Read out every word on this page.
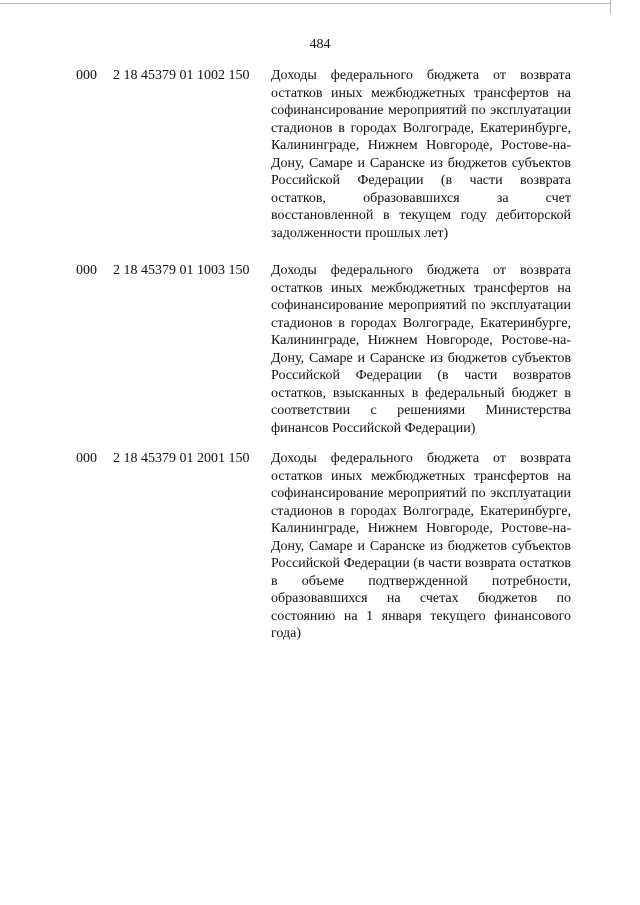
484
000 2 18 45379 01 1002 150 Доходы федерального бюджета от возврата остатков иных межбюджетных трансфертов на софинансирование мероприятий по эксплуатации стадионов в городах Волгограде, Екатеринбурге, Калининграде, Нижнем Новгороде, Ростове-на-Дону, Самаре и Саранске из бюджетов субъектов Российской Федерации (в части возврата остатков, образовавшихся за счет восстановленной в текущем году дебиторской задолженности прошлых лет)
000 2 18 45379 01 1003 150 Доходы федерального бюджета от возврата остатков иных межбюджетных трансфертов на софинансирование мероприятий по эксплуатации стадионов в городах Волгограде, Екатеринбурге, Калининграде, Нижнем Новгороде, Ростове-на-Дону, Самаре и Саранске из бюджетов субъектов Российской Федерации (в части возвратов остатков, взысканных в федеральный бюджет в соответствии с решениями Министерства финансов Российской Федерации)
000 2 18 45379 01 2001 150 Доходы федерального бюджета от возврата остатков иных межбюджетных трансфертов на софинансирование мероприятий по эксплуатации стадионов в городах Волгограде, Екатеринбурге, Калининграде, Нижнем Новгороде, Ростове-на-Дону, Самаре и Саранске из бюджетов субъектов Российской Федерации (в части возврата остатков в объеме подтвержденной потребности, образовавшихся на счетах бюджетов по состоянию на 1 января текущего финансового года)
